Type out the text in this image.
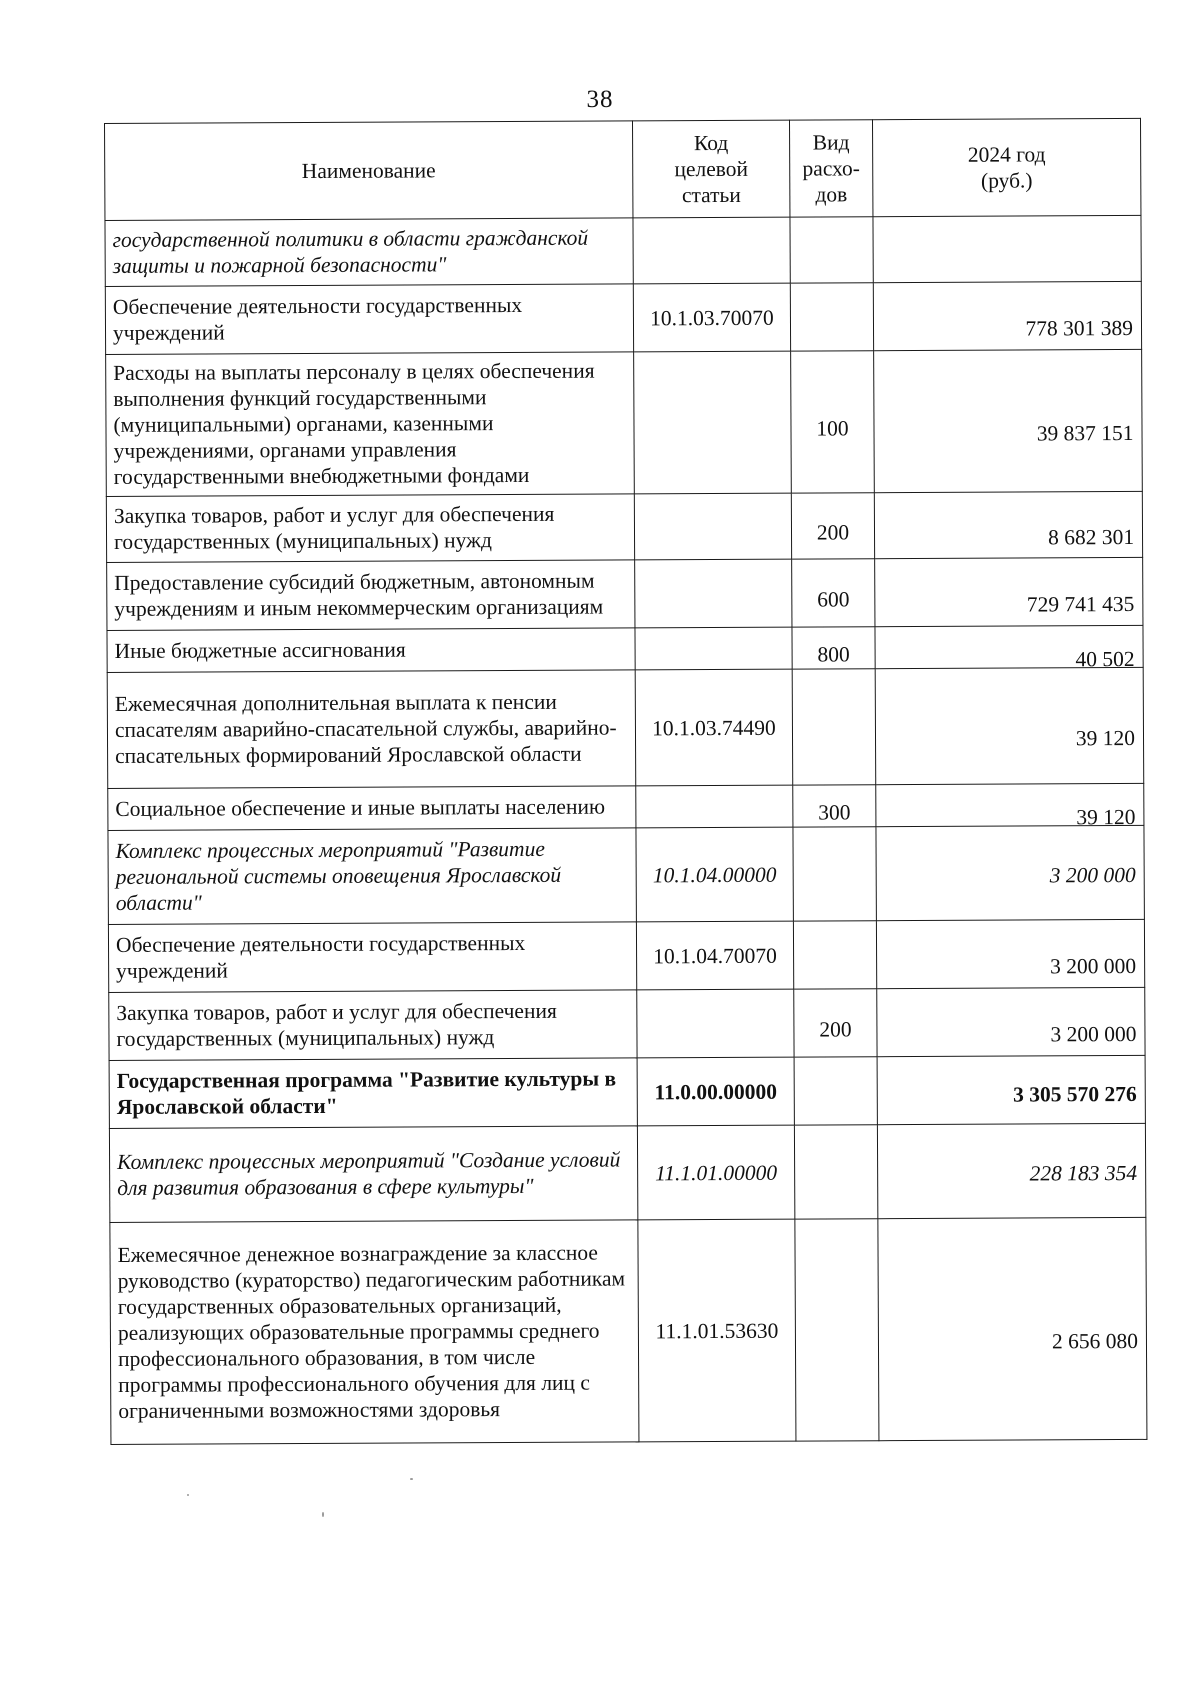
38
Наименование	Код целевой статьи	Вид расхо-дов	2024 год (руб.)
государственной политики в области гражданской защиты и пожарной безопасности"			
Обеспечение деятельности государственных учреждений	10.1.03.70070		778 301 389
Расходы на выплаты персоналу в целях обеспечения выполнения функций государственными (муниципальными) органами, казенными учреждениями, органами управления государственными внебюджетными фондами		100	39 837 151
Закупка товаров, работ и услуг для обеспечения государственных (муниципальных) нужд		200	8 682 301
Предоставление субсидий бюджетным, автономным учреждениям и иным некоммерческим организациям		600	729 741 435
Иные бюджетные ассигнования		800	40 502
Ежемесячная дополнительная выплата к пенсии спасателям аварийно-спасательной службы, аварийно-спасательных формирований Ярославской области	10.1.03.74490		39 120
Социальное обеспечение и иные выплаты населению		300	39 120
Комплекс процессных мероприятий "Развитие региональной системы оповещения Ярославской области"	10.1.04.00000		3 200 000
Обеспечение деятельности государственных учреждений	10.1.04.70070		3 200 000
Закупка товаров, работ и услуг для обеспечения государственных (муниципальных) нужд		200	3 200 000
Государственная программа "Развитие культуры в Ярославской области"	11.0.00.00000		3 305 570 276
Комплекс процессных мероприятий "Создание условий для развития образования в сфере культуры"	11.1.01.00000		228 183 354
Ежемесячное денежное вознаграждение за классное руководство (кураторство) педагогическим работникам государственных образовательных организаций, реализующих образовательные программы среднего профессионального образования, в том числе программы профессионального обучения для лиц с ограниченными возможностями здоровья	11.1.01.53630		2 656 080
